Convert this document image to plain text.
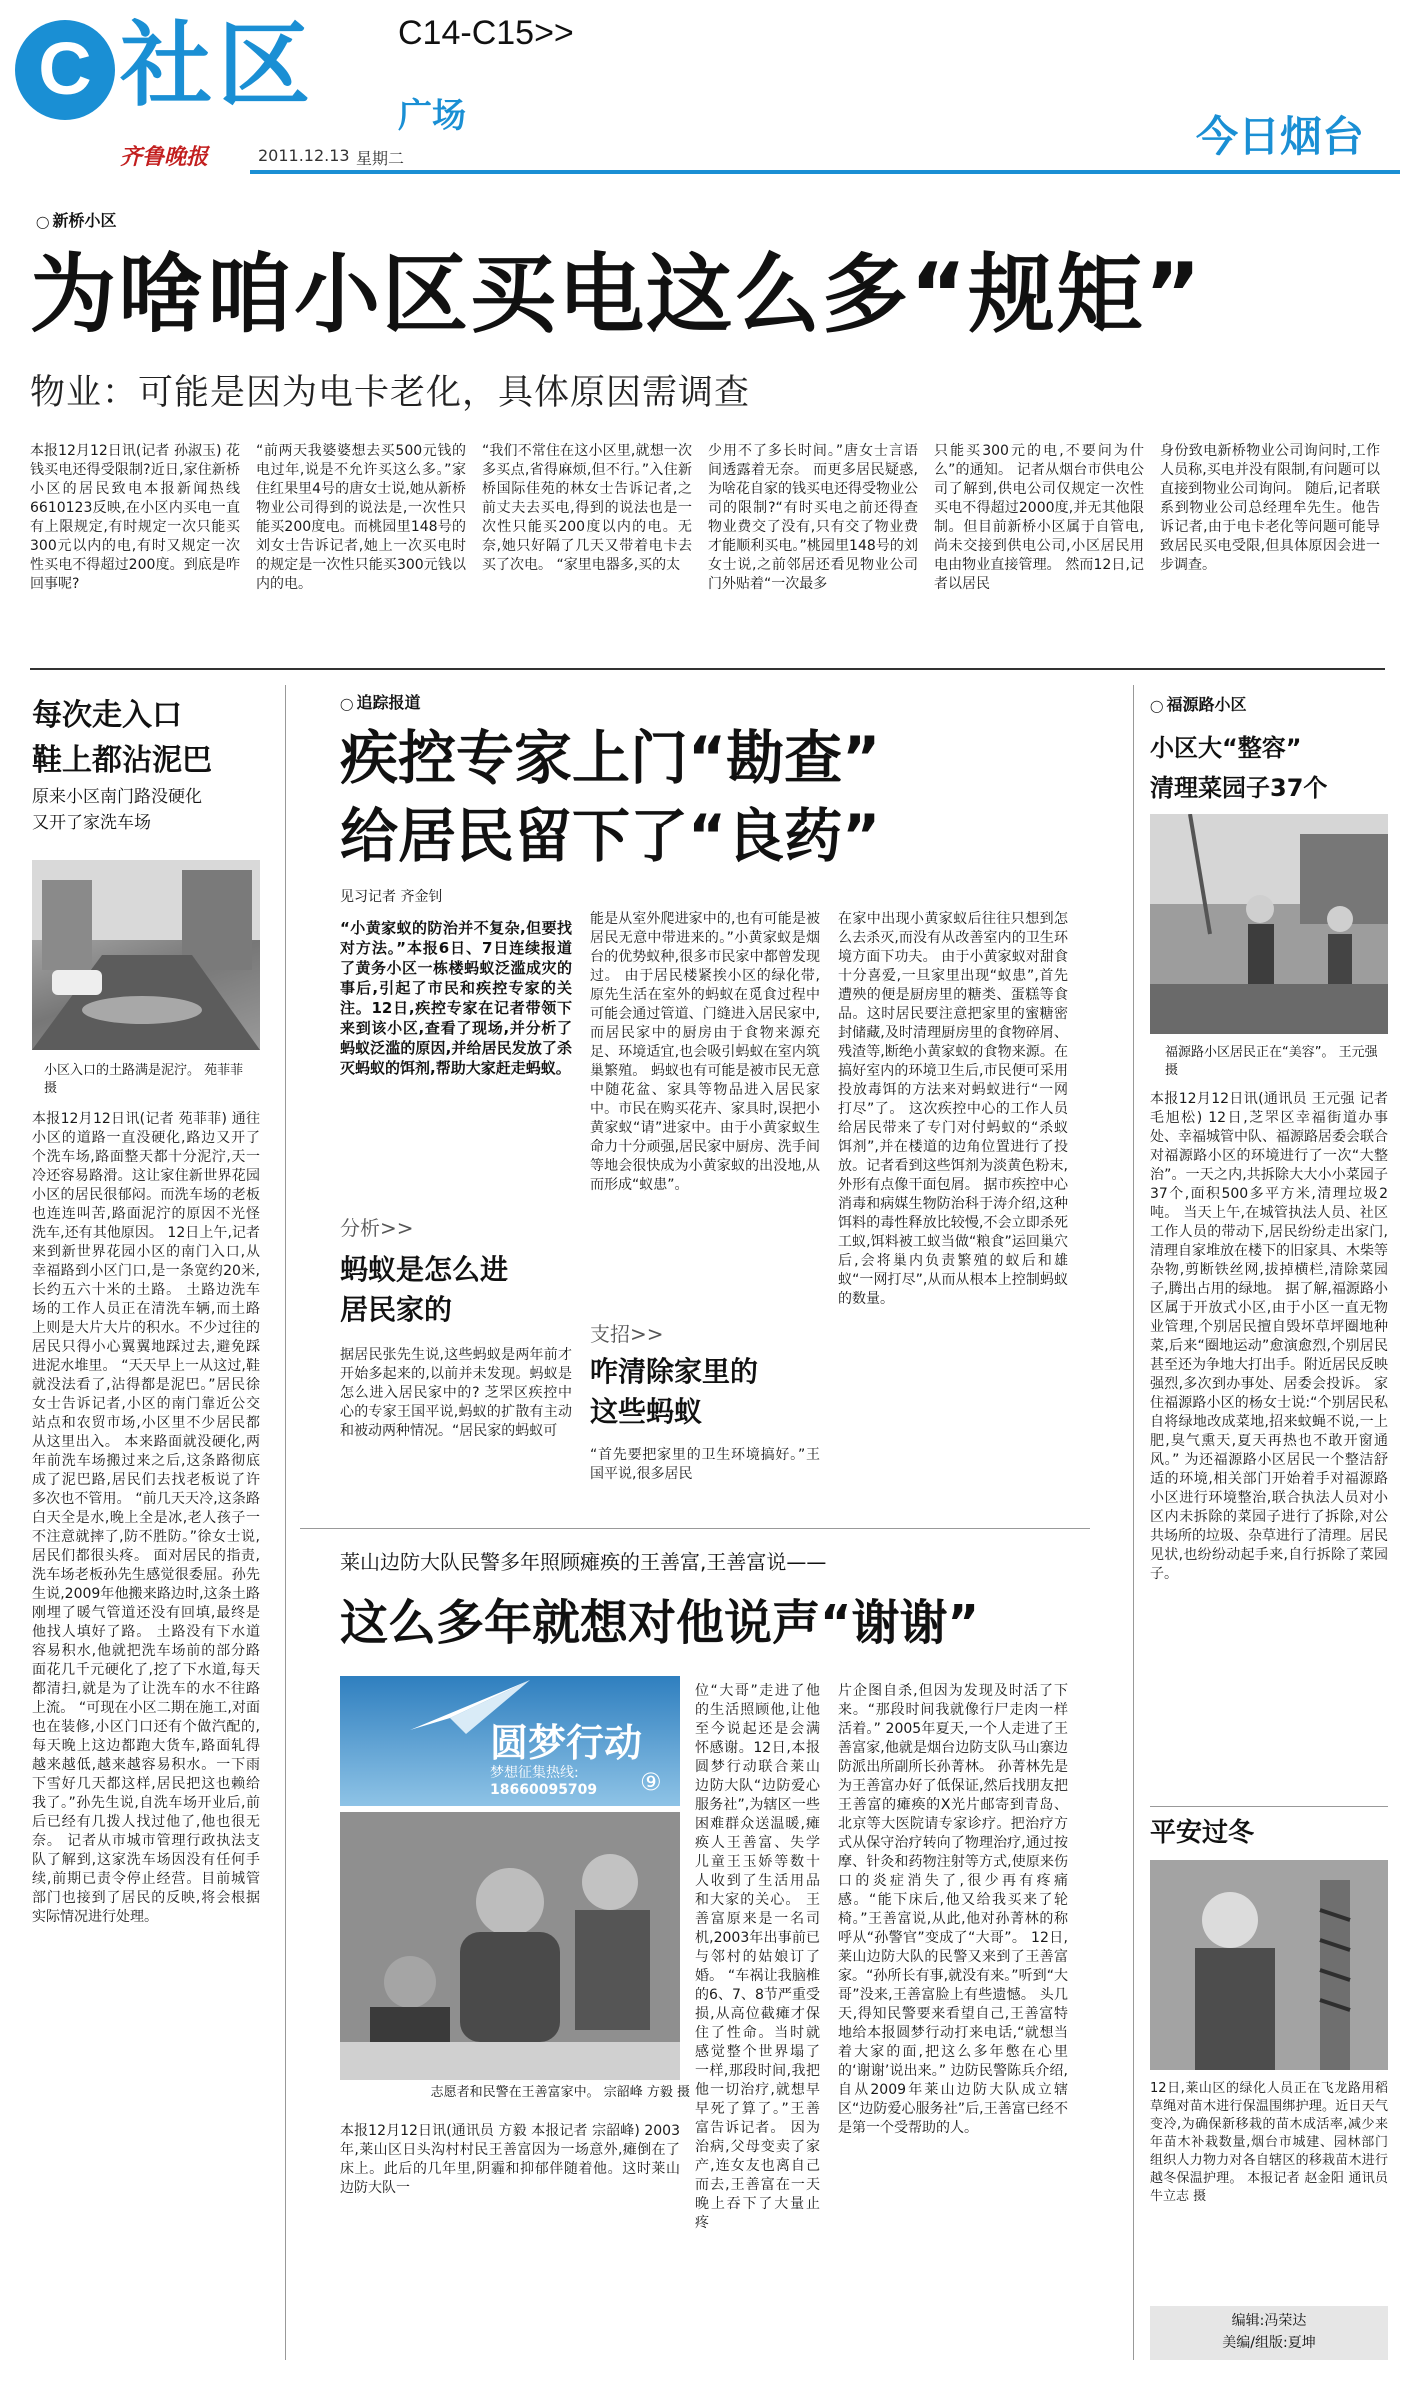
C 社区 C14-C15>>
广场
齐鲁晚报	2011.12.13 星期二	今日烟台
◯ 新桥小区
为啥咱小区买电这么多“规矩”
物业：可能是因为电卡老化，具体原因需调查
本报12月12日讯(记者 孙淑玉) 花钱买电还得受限制?近日,家住新桥小区的居民致电本报新闻热线6610123反映,在小区内买电一直有上限规定,有时规定一次只能买300元以内的电,有时又规定一次性买电不得超过200度。到底是咋回事呢?
“前两天我婆婆想去买500元钱的电过年,说是不允许买这么多。”家住红果里4号的唐女士说,她从新桥物业公司得到的说法是,一次性只能买200度电。而桃园里148号的刘女士告诉记者,她上一次买电时的规定是一次性只能买300元钱以内的电。
“我们不常住在这小区里,就想一次多买点,省得麻烦,但不行。”入住新桥国际佳苑的林女士告诉记者,之前丈夫去买电,得到的说法也是一次性只能买200度以内的电。无奈,她只好隔了几天又带着电卡去买了次电。 “家里电器多,买的太
少用不了多长时间。”唐女士言语间透露着无奈。 而更多居民疑惑,为啥花自家的钱买电还得受物业公司的限制?“有时买电之前还得查物业费交了没有,只有交了物业费才能顺利买电。”桃园里148号的刘女士说,之前邻居还看见物业公司门外贴着“一次最多
只能买300元的电,不要问为什么”的通知。 记者从烟台市供电公司了解到,供电公司仅规定一次性买电不得超过2000度,并无其他限制。但目前新桥小区属于自管电,尚未交接到供电公司,小区居民用电由物业直接管理。 然而12日,记者以居民
身份致电新桥物业公司询问时,工作人员称,买电并没有限制,有问题可以直接到物业公司询问。 随后,记者联系到物业公司总经理牟先生。他告诉记者,由于电卡老化等问题可能导致居民买电受限,但具体原因会进一步调查。
每次走入口
鞋上都沾泥巴
原来小区南门路没硬化
又开了家洗车场
小区入口的土路满是泥泞。 苑菲菲 摄
本报12月12日讯(记者 苑菲菲) 通往小区的道路一直没硬化,路边又开了个洗车场,路面整天都十分泥泞,天一冷还容易路滑。这让家住新世界花园小区的居民很郁闷。而洗车场的老板也连连叫苦,路面泥泞的原因不光怪洗车,还有其他原因。 12日上午,记者来到新世界花园小区的南门入口,从幸福路到小区门口,是一条宽约20米,长约五六十米的土路。 土路边洗车场的工作人员正在清洗车辆,而土路上则是大片大片的积水。不少过往的居民只得小心翼翼地踩过去,避免踩进泥水堆里。 “天天早上一从这过,鞋就没法看了,沾得都是泥巴。”居民徐女士告诉记者,小区的南门靠近公交站点和农贸市场,小区里不少居民都从这里出入。 本来路面就没硬化,两年前洗车场搬过来之后,这条路彻底成了泥巴路,居民们去找老板说了许多次也不管用。 “前几天天冷,这条路白天全是水,晚上全是冰,老人孩子一不注意就摔了,防不胜防。”徐女士说,居民们都很头疼。 面对居民的指责,洗车场老板孙先生感觉很委屈。孙先生说,2009年他搬来路边时,这条土路刚埋了暖气管道还没有回填,最终是他找人填好了路。 土路没有下水道容易积水,他就把洗车场前的部分路面花几千元硬化了,挖了下水道,每天都清扫,就是为了让洗车的水不往路上流。 “可现在小区二期在施工,对面也在装修,小区门口还有个做汽配的,每天晚上这边都跑大货车,路面轧得越来越低,越来越容易积水。一下雨下雪好几天都这样,居民把这也赖给我了。”孙先生说,自洗车场开业后,前后已经有几拨人找过他了,他也很无奈。 记者从市城市管理行政执法支队了解到,这家洗车场因没有任何手续,前期已责令停止经营。目前城管部门也接到了居民的反映,将会根据实际情况进行处理。
◯ 追踪报道
疾控专家上门“勘查”
给居民留下了“良药”
见习记者 齐金钊
“小黄家蚁的防治并不复杂,但要找对方法。”本报6日、7日连续报道了黄务小区一栋楼蚂蚁泛滥成灾的事后,引起了市民和疾控专家的关注。12日,疾控专家在记者带领下来到该小区,查看了现场,并分析了蚂蚁泛滥的原因,并给居民发放了杀灭蚂蚁的饵剂,帮助大家赶走蚂蚁。
分析>>
蚂蚁是怎么进居民家的
据居民张先生说,这些蚂蚁是两年前才开始多起来的,以前并未发现。蚂蚁是怎么进入居民家中的? 芝罘区疾控中心的专家王国平说,蚂蚁的扩散有主动和被动两种情况。“居民家的蚂蚁可
能是从室外爬进家中的,也有可能是被居民无意中带进来的。”小黄家蚁是烟台的优势蚁种,很多市民家中都曾发现过。 由于居民楼紧挨小区的绿化带,原先生活在室外的蚂蚁在觅食过程中可能会通过管道、门缝进入居民家中,而居民家中的厨房由于食物来源充足、环境适宜,也会吸引蚂蚁在室内筑巢繁殖。 蚂蚁也有可能是被市民无意中随花盆、家具等物品进入居民家中。市民在购买花卉、家具时,误把小黄家蚁“请”进家中。由于小黄家蚁生命力十分顽强,居民家中厨房、洗手间等地会很快成为小黄家蚁的出没地,从而形成“蚁患”。
支招>>
咋清除家里的这些蚂蚁
“首先要把家里的卫生环境搞好。”王国平说,很多居民
在家中出现小黄家蚁后往往只想到怎么去杀灭,而没有从改善室内的卫生环境方面下功夫。 由于小黄家蚁对甜食十分喜爱,一旦家里出现“蚁患”,首先遭殃的便是厨房里的糖类、蛋糕等食品。这时居民要注意把家里的蜜糖密封储藏,及时清理厨房里的食物碎屑、残渣等,断绝小黄家蚁的食物来源。在搞好室内的环境卫生后,市民便可采用投放毒饵的方法来对蚂蚁进行“一网打尽”了。 这次疾控中心的工作人员给居民带来了专门对付蚂蚁的“杀蚁饵剂”,并在楼道的边角位置进行了投放。记者看到这些饵剂为淡黄色粉末,外形有点像干面包屑。 据市疾控中心消毒和病媒生物防治科于涛介绍,这种饵料的毒性释放比较慢,不会立即杀死工蚁,饵料被工蚁当做“粮食”运回巢穴后,会将巢内负责繁殖的蚁后和雄蚁“一网打尽”,从而从根本上控制蚂蚁的数量。
莱山边防大队民警多年照顾瘫痪的王善富,王善富说——
这么多年就想对他说声“谢谢”
圆梦行动
梦想征集热线:
18660095709 ⑨
志愿者和民警在王善富家中。 宗韶峰 方毅 摄
本报12月12日讯(通讯员 方毅 本报记者 宗韶峰) 2003年,莱山区日头沟村村民王善富因为一场意外,瘫倒在了床上。此后的几年里,阴霾和抑郁伴随着他。这时莱山边防大队一
位“大哥”走进了他的生活照顾他,让他至今说起还是会满怀感谢。12日,本报圆梦行动联合莱山边防大队“边防爱心服务社”,为辖区一些困难群众送温暖,瘫痪人王善富、失学儿童王玉娇等数十人收到了生活用品和大家的关心。 王善富原来是一名司机,2003年出事前已与邻村的姑娘订了婚。 “车祸让我脑椎的6、7、8节严重受损,从高位截瘫才保住了性命。当时就感觉整个世界塌了一样,那段时间,我把他一切治疗,就想早早死了算了。”王善富告诉记者。 因为治病,父母变卖了家产,连女友也离自己而去,王善富在一天晚上吞下了大量止疼
片企图自杀,但因为发现及时活了下来。“那段时间我就像行尸走肉一样活着。” 2005年夏天,一个人走进了王善富家,他就是烟台边防支队马山寨边防派出所副所长孙菁林。 孙菁林先是为王善富办好了低保证,然后找朋友把王善富的瘫痪的X光片邮寄到青岛、北京等大医院请专家诊疗。把治疗方式从保守治疗转向了物理治疗,通过按摩、针灸和药物注射等方式,使原来伤口的炎症消失了,很少再有疼痛感。“能下床后,他又给我买来了轮椅。”王善富说,从此,他对孙菁林的称呼从“孙警官”变成了“大哥”。 12日,莱山边防大队的民警又来到了王善富家。“孙所长有事,就没有来。”听到“大哥”没来,王善富脸上有些遗憾。 头几天,得知民警要来看望自己,王善富特地给本报圆梦行动打来电话,“就想当着大家的面,把这么多年憋在心里的‘谢谢’说出来。” 边防民警陈兵介绍,自从2009年莱山边防大队成立辖区“边防爱心服务社”后,王善富已经不是第一个受帮助的人。
◯ 福源路小区
小区大“整容”
清理菜园子37个
福源路小区居民正在“美容”。 王元强 摄
本报12月12日讯(通讯员 王元强 记者 毛旭松) 12日,芝罘区幸福街道办事处、幸福城管中队、福源路居委会联合对福源路小区的环境进行了一次“大整治”。一天之内,共拆除大大小小菜园子37个,面积500多平方米,清理垃圾2吨。 当天上午,在城管执法人员、社区工作人员的带动下,居民纷纷走出家门,清理自家堆放在楼下的旧家具、木柴等杂物,剪断铁丝网,拔掉横栏,清除菜园子,腾出占用的绿地。 据了解,福源路小区属于开放式小区,由于小区一直无物业管理,个别居民擅自毁坏草坪圈地种菜,后来“圈地运动”愈演愈烈,个别居民甚至还为争地大打出手。附近居民反映强烈,多次到办事处、居委会投诉。 家住福源路小区的杨女士说:“个别居民私自将绿地改成菜地,招来蚊蝇不说,一上肥,臭气熏天,夏天再热也不敢开窗通风。” 为还福源路小区居民一个整洁舒适的环境,相关部门开始着手对福源路小区进行环境整治,联合执法人员对小区内未拆除的菜园子进行了拆除,对公共场所的垃圾、杂草进行了清理。居民见状,也纷纷动起手来,自行拆除了菜园子。
平安过冬
12日,莱山区的绿化人员正在飞龙路用稻草绳对苗木进行保温围绑护理。近日天气变冷,为确保新移栽的苗木成活率,减少来年苗木补栽数量,烟台市城建、园林部门组织人力物力对各自辖区的移栽苗木进行越冬保温护理。 本报记者 赵金阳 通讯员 牛立志 摄
编辑:冯荣达
美编/组版:夏坤
